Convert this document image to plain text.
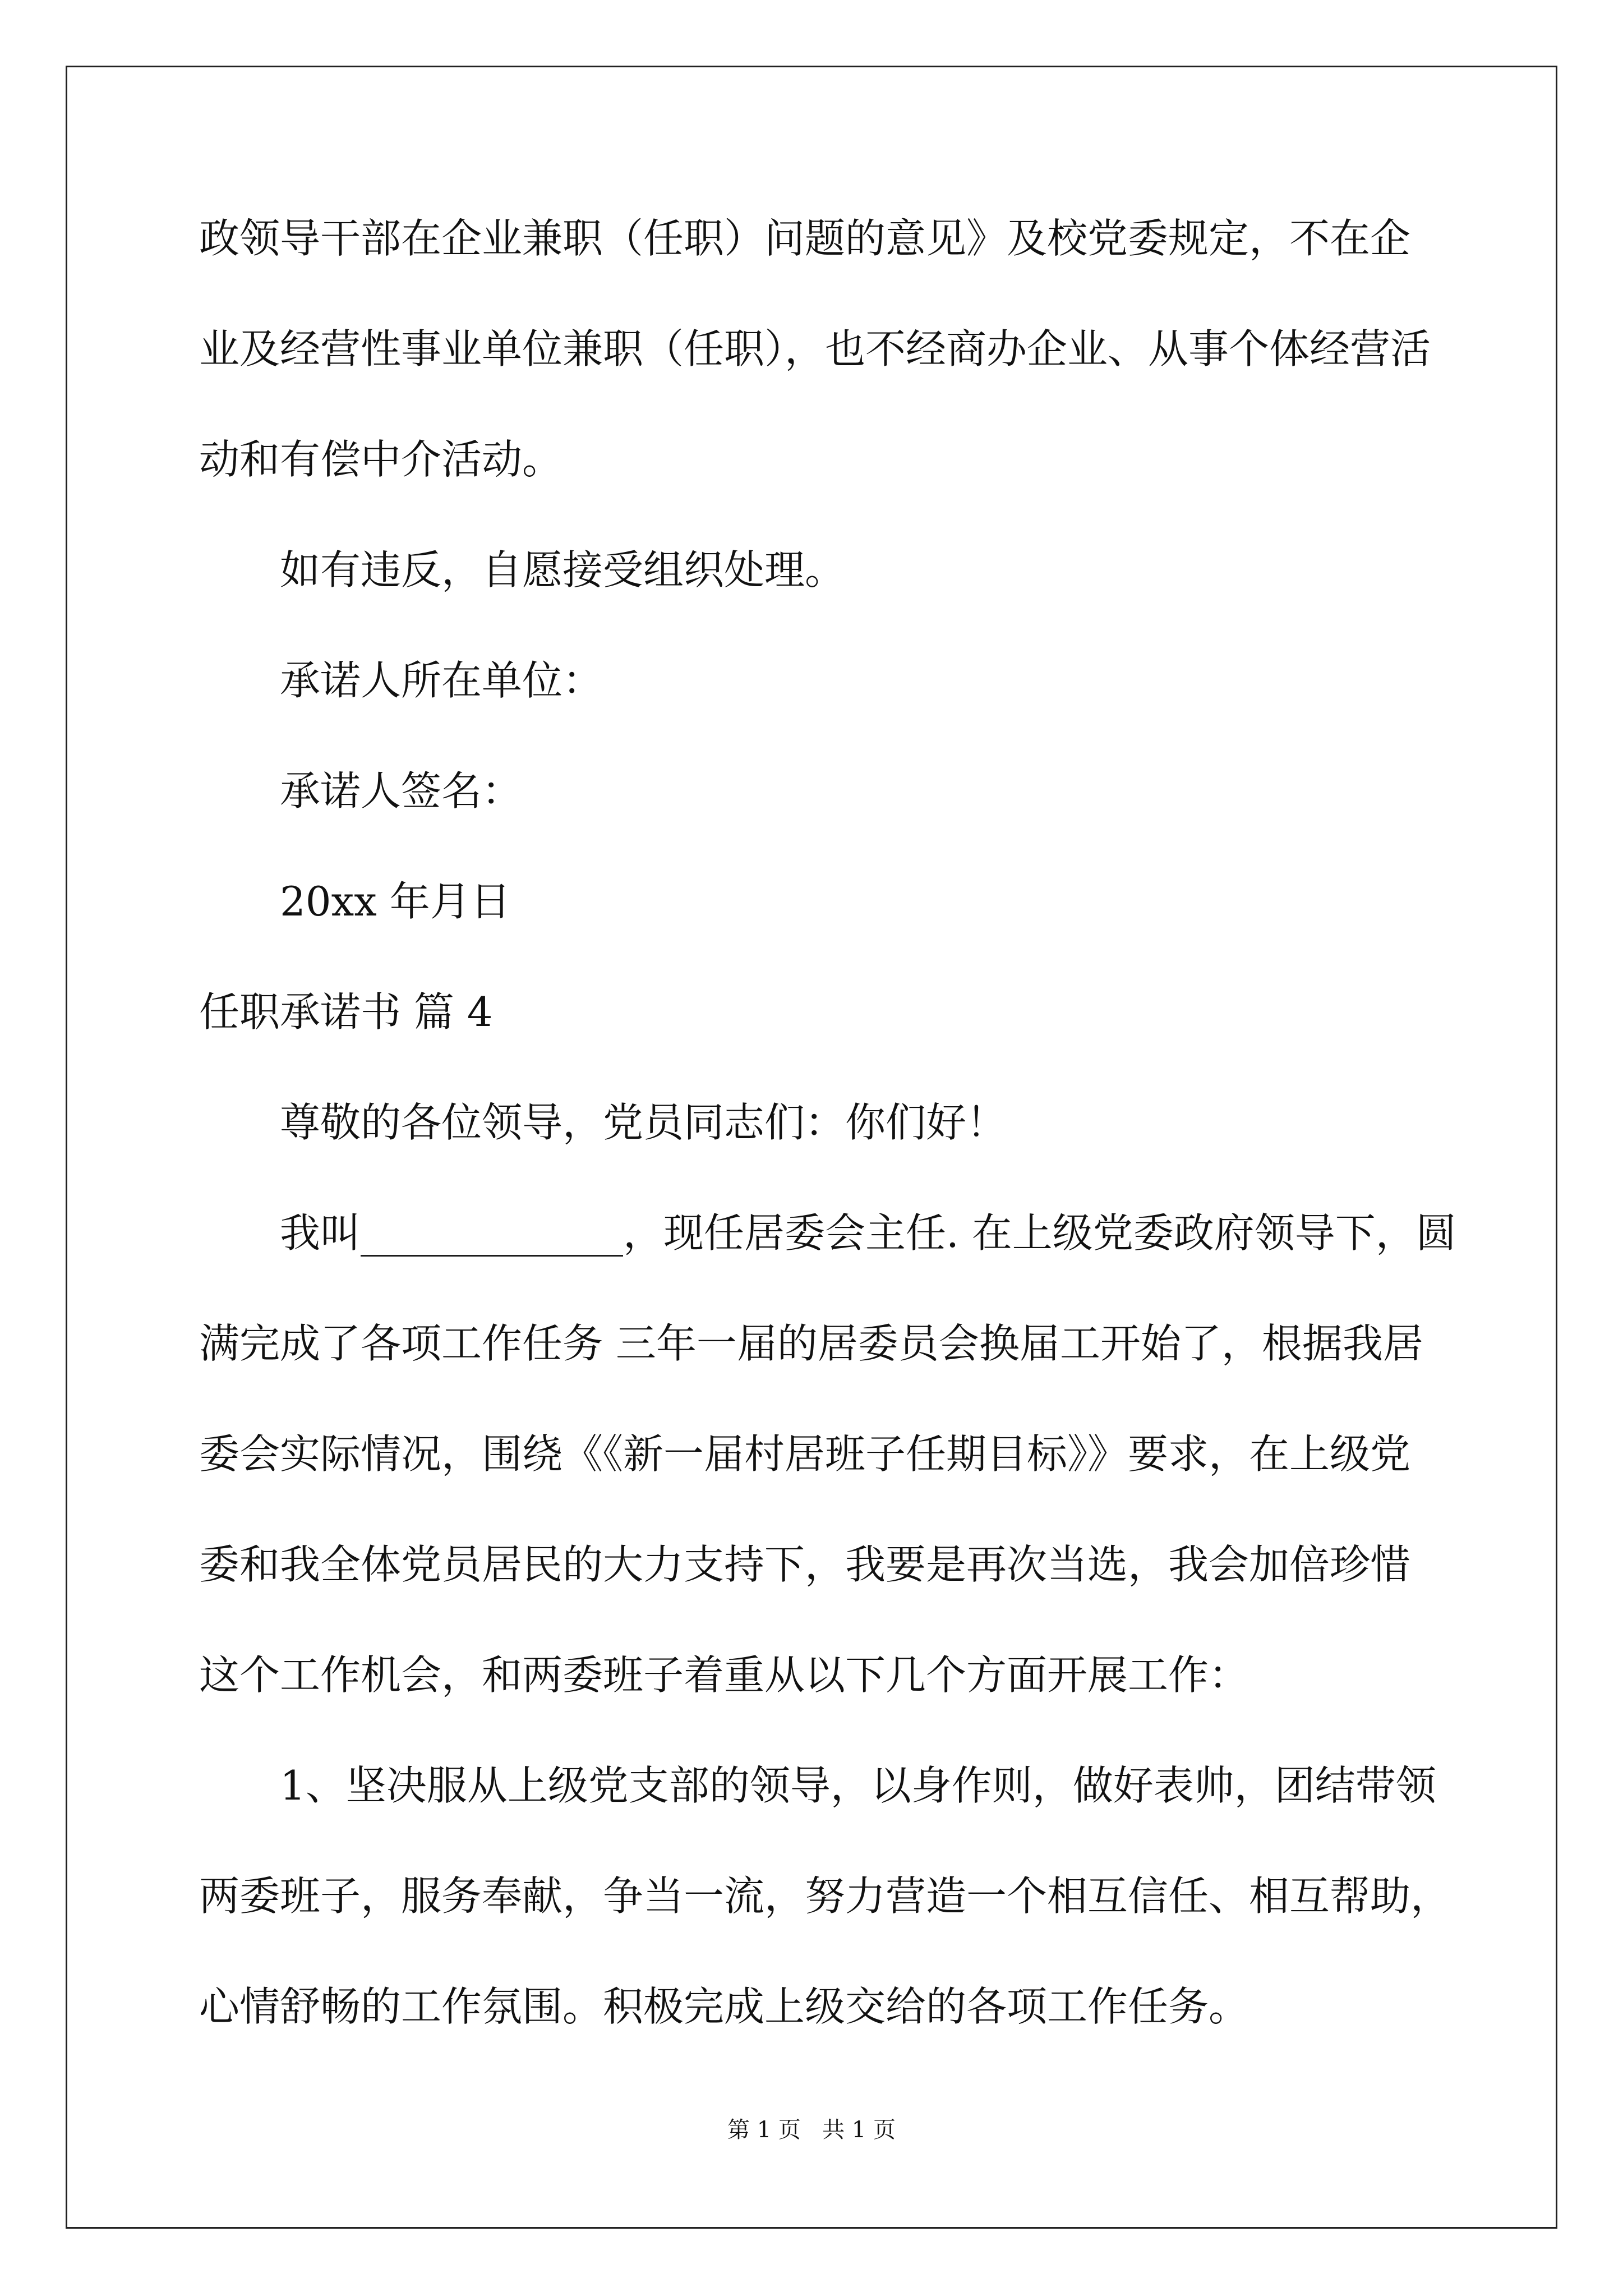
政领导干部在企业兼职（任职）问题的意见》及校党委规定，不在企
业及经营性事业单位兼职（任职），也不经商办企业、从事个体经营活
动和有偿中介活动。
如有违反，自愿接受组织处理。
承诺人所在单位：
承诺人签名：
20xx 年月日
任职承诺书 篇 4
尊敬的各位领导，党员同志们：你们好！
我叫_____________，现任居委会主任. 在上级党委政府领导下，圆
满完成了各项工作任务 三年一届的居委员会换届工开始了，根据我居
委会实际情况，围绕《《新一届村居班子任期目标》》要求，在上级党
委和我全体党员居民的大力支持下，我要是再次当选，我会加倍珍惜
这个工作机会，和两委班子着重从以下几个方面开展工作：
1、坚决服从上级党支部的领导，以身作则，做好表帅，团结带领
两委班子，服务奉献，争当一流，努力营造一个相互信任、相互帮助，
心情舒畅的工作氛围。积极完成上级交给的各项工作任务。
第 1 页   共 1 页
